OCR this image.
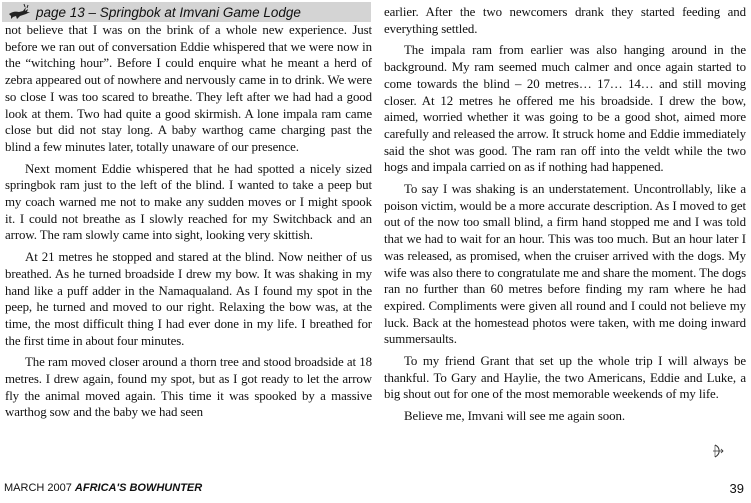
page 13 – Springbok at Imvani Game Lodge

not believe that I was on the brink of a whole new experience. Just before we ran out of conversation Eddie whispered that we were now in the “witching hour”. Before I could enquire what he meant a herd of zebra appeared out of nowhere and nervously came in to drink. We were so close I was too scared to breathe. They left after we had had a good look at them. Two had quite a good skirmish. A lone impala ram came close but did not stay long. A baby warthog came charging past the blind a few minutes later, totally unaware of our presence.

Next moment Eddie whispered that he had spotted a nicely sized springbok ram just to the left of the blind. I wanted to take a peep but my coach warned me not to make any sudden moves or I might spook it. I could not breathe as I slowly reached for my Switchback and an arrow. The ram slowly came into sight, looking very skittish.

At 21 metres he stopped and stared at the blind. Now neither of us breathed. As he turned broadside I drew my bow. It was shaking in my hand like a puff adder in the Namaqualand. As I found my spot in the peep, he turned and moved to our right. Relaxing the bow was, at the time, the most difficult thing I had ever done in my life. I breathed for the first time in about four minutes.

The ram moved closer around a thorn tree and stood broadside at 18 metres. I drew again, found my spot, but as I got ready to let the arrow fly the animal moved again. This time it was spooked by a massive warthog sow and the baby we had seen

earlier. After the two newcomers drank they started feeding and everything settled.

The impala ram from earlier was also hanging around in the background. My ram seemed much calmer and once again started to come towards the blind – 20 metres… 17… 14… and still moving closer. At 12 metres he offered me his broadside. I drew the bow, aimed, worried whether it was going to be a good shot, aimed more carefully and released the arrow. It struck home and Eddie immediately said the shot was good. The ram ran off into the veldt while the two hogs and impala carried on as if nothing had happened.

To say I was shaking is an understatement. Uncontrollably, like a poison victim, would be a more accurate description. As I moved to get out of the now too small blind, a firm hand stopped me and I was told that we had to wait for an hour. This was too much. But an hour later I was released, as promised, when the cruiser arrived with the dogs. My wife was also there to congratulate me and share the moment. The dogs ran no further than 60 metres before finding my ram where he had expired. Compliments were given all round and I could not believe my luck. Back at the homestead photos were taken, with me doing inward summersaults.

To my friend Grant that set up the whole trip I will always be thankful. To Gary and Haylie, the two Americans, Eddie and Luke, a big shout out for one of the most memorable weekends of my life.

Believe me, Imvani will see me again soon.

MARCH 2007 AFRICA'S BOWHUNTER	39
